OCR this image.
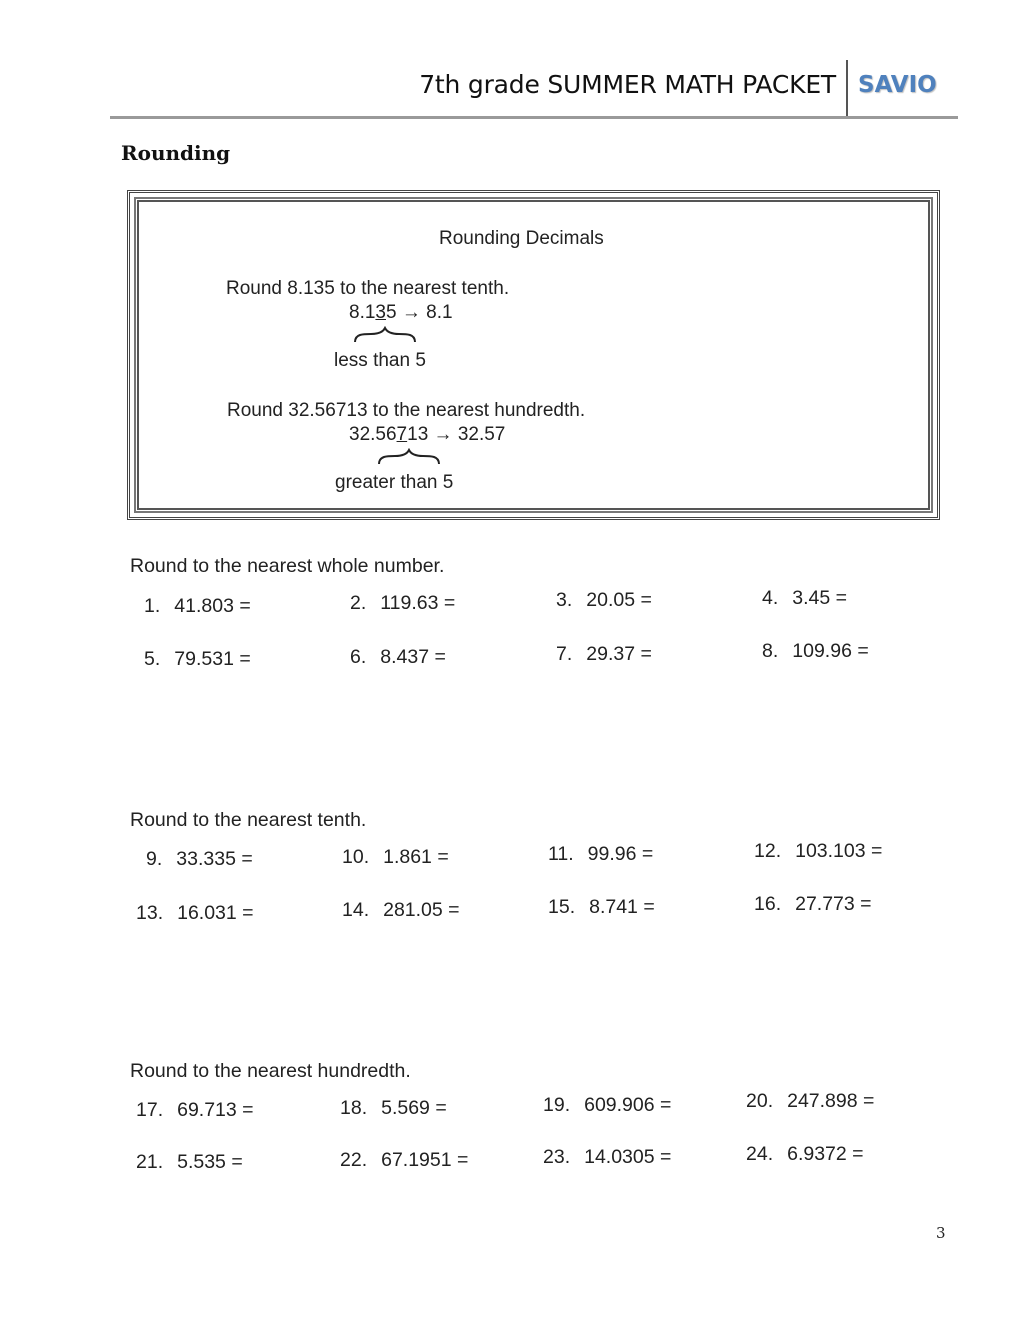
7th grade SUMMER MATH PACKET SAVIO
Rounding
Rounding Decimals
Round 8.135 to the nearest tenth.
8.135 → 8.1
less than 5
Round 32.56713 to the nearest hundredth.
32.56713 → 32.57
greater than 5
Round to the nearest whole number.
1. 41.803 =	2. 119.63 =	3. 20.05 =	4. 3.45 =
5. 79.531 =	6. 8.437 =	7. 29.37 =	8. 109.96 =
Round to the nearest tenth.
9. 33.335 =	10. 1.861 =	11. 99.96 =	12. 103.103 =
13. 16.031 =	14. 281.05 =	15. 8.741 =	16. 27.773 =
Round to the nearest hundredth.
17. 69.713 =	18. 5.569 =	19. 609.906 =	20. 247.898 =
21. 5.535 =	22. 67.1951 =	23. 14.0305 =	24. 6.9372 =
3
